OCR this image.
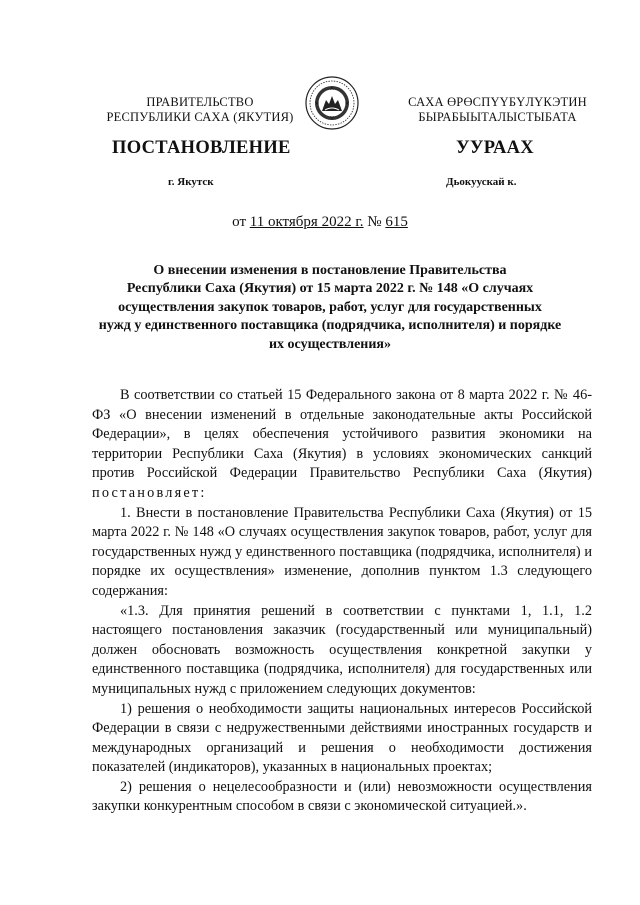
ПРАВИТЕЛЬСТВО
РЕСПУБЛИКИ САХА (ЯКУТИЯ)
САХА ӨРӨСПҮҮБҮЛҮКЭТИН
БЫРАБЫЫТАЛЫСТЫБАТА
ПОСТАНОВЛЕНИЕ	УУРААХ
г. Якутск	Дьокуускай к.
от 11 октября 2022 г. № 615
О внесении изменения в постановление Правительства
Республики Саха (Якутия) от 15 марта 2022 г. № 148 «О случаях
осуществления закупок товаров, работ, услуг для государственных
нужд у единственного поставщика (подрядчика, исполнителя) и порядке
их осуществления»

В соответствии со статьей 15 Федерального закона от 8 марта 2022 г. № 46-ФЗ «О внесении изменений в отдельные законодательные акты Российской Федерации», в целях обеспечения устойчивого развития экономики на территории Республики Саха (Якутия) в условиях экономических санкций против Российской Федерации Правительство Республики Саха (Якутия) постановляет:

1. Внести в постановление Правительства Республики Саха (Якутия) от 15 марта 2022 г. № 148 «О случаях осуществления закупок товаров, работ, услуг для государственных нужд у единственного поставщика (подрядчика, исполнителя) и порядке их осуществления» изменение, дополнив пунктом 1.3 следующего содержания:

«1.3. Для принятия решений в соответствии с пунктами 1, 1.1, 1.2 настоящего постановления заказчик (государственный или муниципальный) должен обосновать возможность осуществления конкретной закупки у единственного поставщика (подрядчика, исполнителя) для государственных или муниципальных нужд с приложением следующих документов:

1) решения о необходимости защиты национальных интересов Российской Федерации в связи с недружественными действиями иностранных государств и международных организаций и решения о необходимости достижения показателей (индикаторов), указанных в национальных проектах;

2) решения о нецелесообразности и (или) невозможности осуществления закупки конкурентным способом в связи с экономической ситуацией.».
